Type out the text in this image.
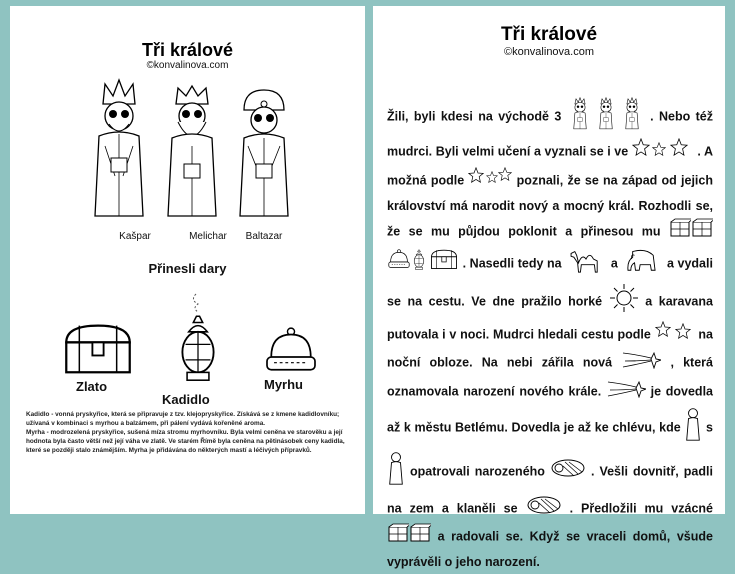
Tři králové
©konvalinova.com
Kašpar	Melichar	Baltazar
Přinesli dary
Zlato
Kadidlo
Myrhu

Kadidlo - vonná pryskyřice, která se připravuje z tzv. klejopryskyřice. Získává se z kmene kadidlovníku; užívaná v kombinaci s myrhou a balzámem, při pálení vydává kořeněné aroma.

Myrha - modrozelená pryskyřice, sušená míza stromu myrhovníku. Byla velmi ceněna ve starověku a její hodnota byla často větší než její váha ve zlatě. Ve starém Římě byla ceněna na pětinásobek ceny kadidla, které se později stalo známějším. Myrha je přidávána do některých mastí a léčivých přípravků.

Tři králové
©konvalinova.com
Žili, byli kdesi na východě 3	. Nebo též mudrci. Byli velmi učení a vyznali se i ve	. A možná podle	poznali, že se na západ od jejich království má narodit nový a mocný král. Rozhodli se, že se mu půjdou poklonit a přinesou mu   . Nasedli tedy na	a	a vydali se na cestu. Ve dne pražilo horké	a karavana putovala i v noci. Mudrci hledali cestu podle	na noční obloze. Na nebi zářila nová	, která oznamovala narození nového krále.	je dovedla až k městu Betlému. Dovedla je až ke chlévu, kde s  opatrovali narozeného	. Vešli dovnitř, padli na zem a klaněli se	. Předložili mu vzácné  a radovali se. Když se vraceli domů, všude vyprávěli o jeho narození.
